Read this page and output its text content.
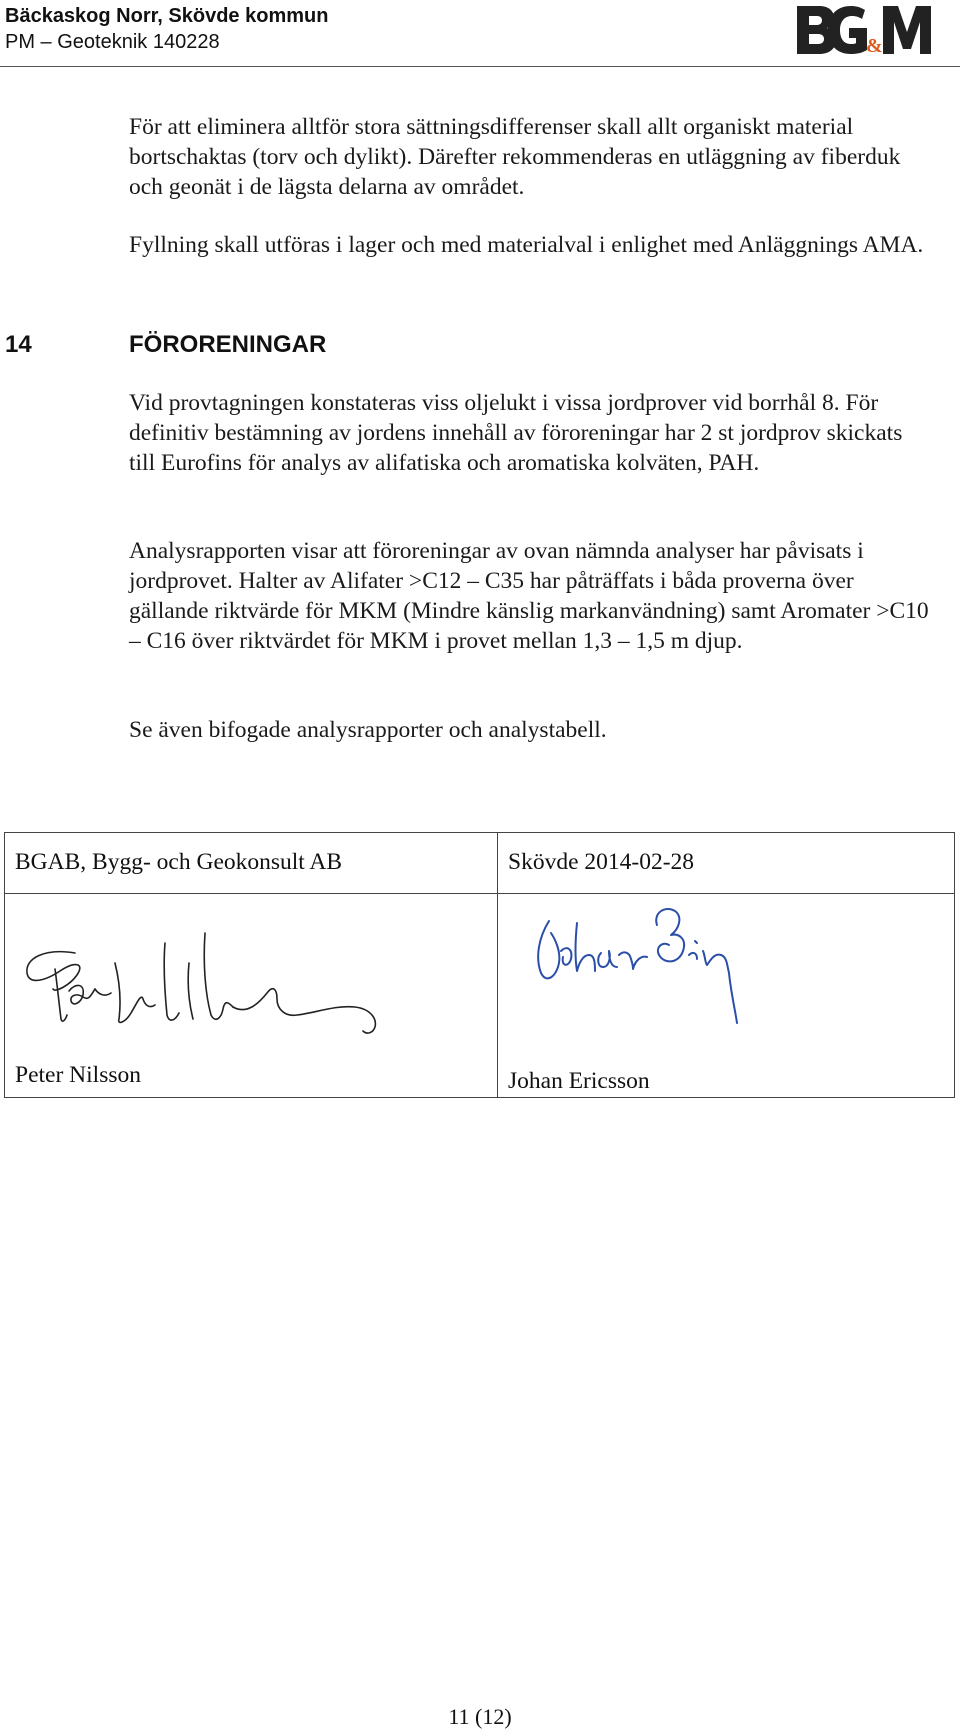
Bäckaskog Norr, Skövde kommun
PM – Geoteknik 140228	&

För att eliminera alltför stora sättningsdifferenser skall allt organiskt material bortschaktas (torv och dylikt). Därefter rekommenderas en utläggning av fiberduk och geonät i de lägsta delarna av området.

Fyllning skall utföras i lager och med materialval i enlighet med Anläggnings AMA.

14	FÖRORENINGAR

Vid provtagningen konstateras viss oljelukt i vissa jordprover vid borrhål 8. För definitiv bestämning av jordens innehåll av föroreningar har 2 st jordprov skickats till Eurofins för analys av alifatiska och aromatiska kolväten, PAH.

Analysrapporten visar att föroreningar av ovan nämnda analyser har påvisats i jordprovet. Halter av Alifater >C12 – C35 har påträffats i båda proverna över gällande riktvärde för MKM (Mindre känslig markanvändning) samt Aromater >C10 – C16 över riktvärdet för MKM i provet mellan 1,3 – 1,5 m djup.

Se även bifogade analysrapporter och analystabell.

BGAB, Bygg- och Geokonsult AB	Skövde 2014-02-28
Peter Nilsson	Johan Ericsson
11 (12)
